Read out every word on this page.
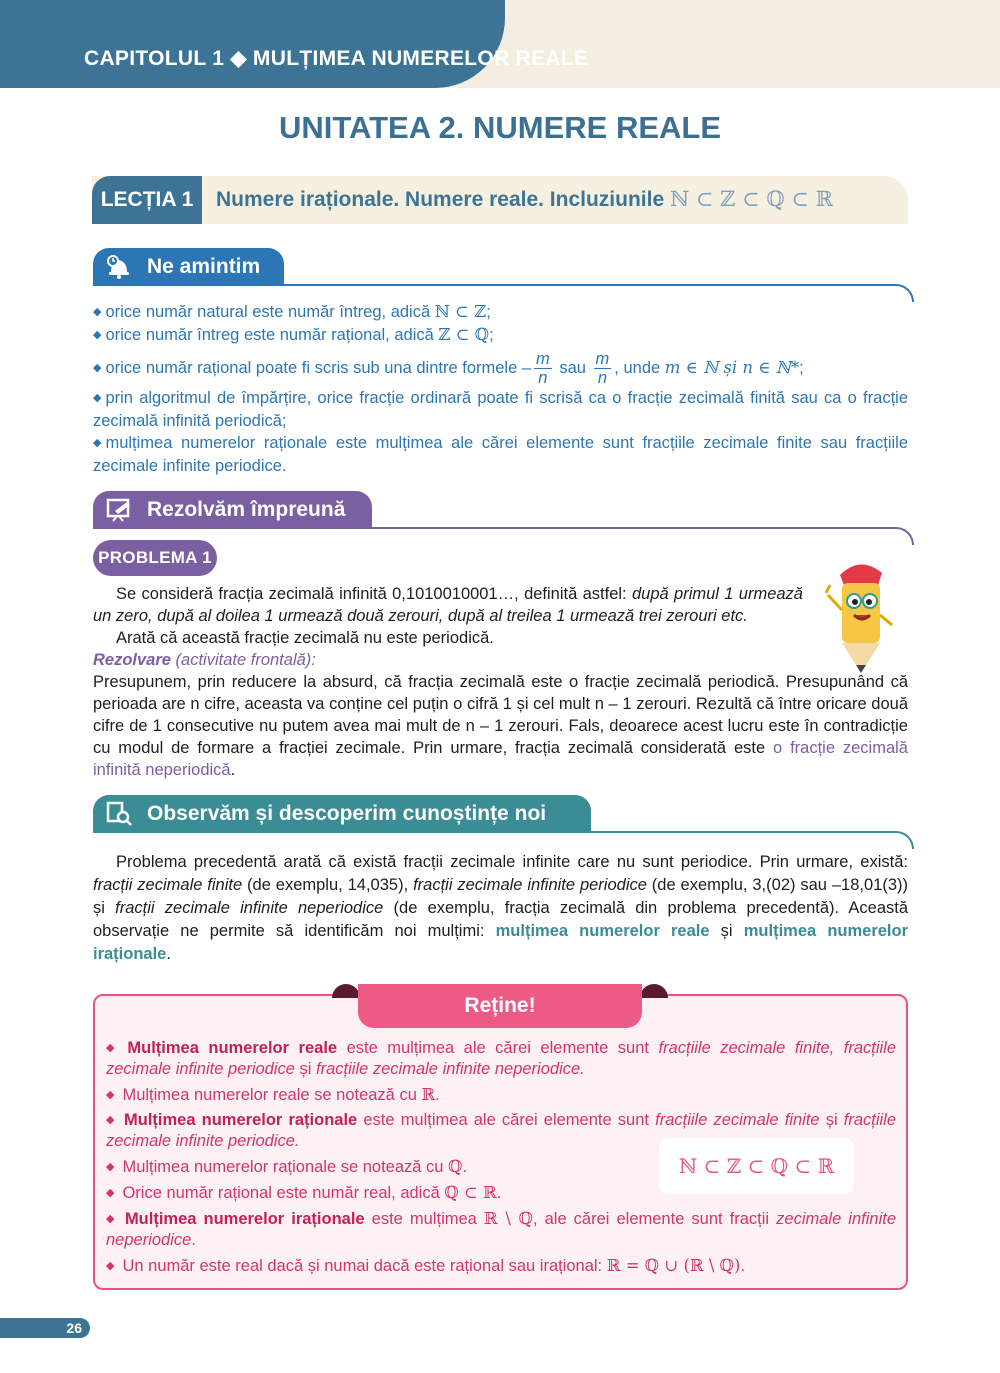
CAPITOLUL 1 ◆ MULȚIMEA NUMERELOR REALE
UNITATEA 2. NUMERE REALE
LECȚIA 1	Numere iraționale. Numere reale. Incluziunile ℕ ⊂ ℤ ⊂ ℚ ⊂ ℝ
Ne amintim

◆ orice număr natural este număr întreg, adică ℕ ⊂ ℤ;

◆ orice număr întreg este număr rațional, adică ℤ ⊂ ℚ;

◆ orice număr rațional poate fi scris sub una dintre formele – $\frac{m}{n}$ sau $\frac{m}{n}$ , unde m ∈ ℕ și n ∈ ℕ*;

◆ prin algoritmul de împărțire, orice fracție ordinară poate fi scrisă ca o fracție zecimală finită sau ca o fracție zecimală infinită periodică;

◆ mulțimea numerelor raționale este mulțimea ale cărei elemente sunt fracțiile zecimale finite sau fracțiile zecimale infinite periodice.

Rezolvăm împreună
PROBLEMA 1

Se consideră fracția zecimală infinită 0,1010010001…, definită astfel: după primul 1 urmează un zero, după al doilea 1 urmează două zerouri, după al treilea 1 urmează trei zerouri etc.

Arată că această fracție zecimală nu este periodică.

Rezolvare (activitate frontală):

Presupunem, prin reducere la absurd, că fracția zecimală este o fracție zecimală periodică. Presupunând că perioada are n cifre, aceasta va conține cel puțin o cifră 1 și cel mult n – 1 zerouri. Rezultă că între oricare două cifre de 1 consecutive nu putem avea mai mult de n – 1 zerouri. Fals, deoarece acest lucru este în contradicție cu modul de formare a fracției zecimale. Prin urmare, fracția zecimală considerată este o fracție zecimală infinită neperiodică.

Observăm și descoperim cunoștințe noi

Problema precedentă arată că există fracții zecimale infinite care nu sunt periodice. Prin urmare, există: fracții zecimale finite (de exemplu, 14,035), fracții zecimale infinite periodice (de exemplu, 3,(02) sau –18,01(3)) și fracții zecimale infinite neperiodice (de exemplu, fracția zecimală din problema precedentă). Această observație ne permite să identificăm noi mulțimi: mulțimea numerelor reale și mulțimea numerelor iraționale.

Reține!

◆ Mulțimea numerelor reale este mulțimea ale cărei elemente sunt fracțiile zecimale finite, fracțiile zecimale infinite periodice și fracțiile zecimale infinite neperiodice.

◆ Mulțimea numerelor reale se notează cu ℝ.

◆ Mulțimea numerelor raționale este mulțimea ale cărei elemente sunt fracțiile zecimale finite și fracțiile zecimale infinite periodice.

◆ Mulțimea numerelor raționale se notează cu ℚ.

◆ Orice număr rațional este număr real, adică ℚ ⊂ ℝ.

◆ Mulțimea numerelor iraționale este mulțimea ℝ \ ℚ, ale cărei elemente sunt fracții zecimale infinite neperiodice.

◆ Un număr este real dacă și numai dacă este rațional sau irațional: ℝ = ℚ ∪ (ℝ \ ℚ).

ℕ ⊂ ℤ ⊂ ℚ ⊂ ℝ
26
